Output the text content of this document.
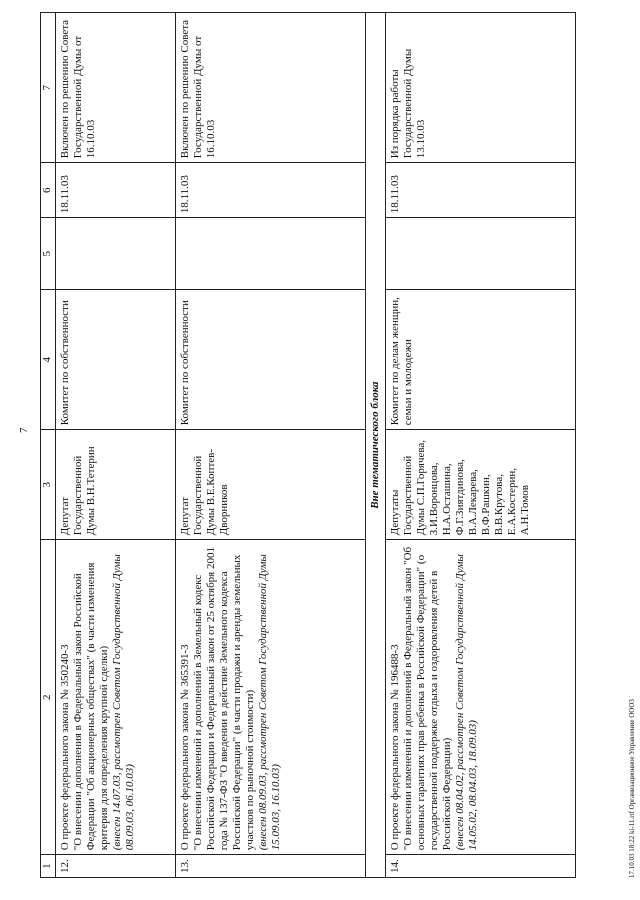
7
1	2	3	4	5	6	7
12.	О проекте федерального закона № 350240-3
"О внесении дополнения в Федеральный закон Российской Федерации "Об акционерных обществах" (в части изменения критерия для определения крупной сделки)
(внесен 14.07.03, рассмотрен Советом Государственной Думы 08.09.03, 06.10.03)	Депутат Государственной Думы В.Н.Тетерин	Комитет по собственности		18.11.03	Включен по решению Совета Государственной Думы от 16.10.03
13.	О проекте федерального закона № 365391-3
"О внесении изменений и дополнений в Земельный кодекс Российской Федерации и Федеральный закон от 25 октября 2001 года № 137-ФЗ "О введении в действие Земельного кодекса Российской Федерации" (в части продажи и аренды земельных участков по рыночной стоимости)
(внесен 08.09.03, рассмотрен Советом Государственной Думы 15.09.03, 16.10.03)	Депутат Государственной Думы В.Е.Коптев-Дворников	Комитет по собственности		18.11.03	Включен по решению Совета Государственной Думы от 16.10.03
Вне тематического блока						
14.	О проекте федерального закона № 196488-3
"О внесении изменений и дополнений в Федеральный закон "Об основных гарантиях прав ребенка в Российской Федерации" (о государственной поддержке отдыха и оздоровления детей в Российской Федерации)
(внесен 08.04.02, рассмотрен Советом Государственной Думы 14.05.02, 08.04.03, 18.09.03)	Депутаты Государственной Думы С.П.Горячева, З.И.Воронцова, Н.А.Осташина, Ф.Г.Зиятдинова, В.А.Лекарева, В.Ф.Рашкин, В.В.Крутова, Е.А.Костерин, А.Н.Томов	Комитет по делам женщин, семьи и молодежи		18.11.03	Из порядка работы Государственной Думы 13.10.03
17.10.03 18:22 ki-11.rtf Организационное Управление ООО3
